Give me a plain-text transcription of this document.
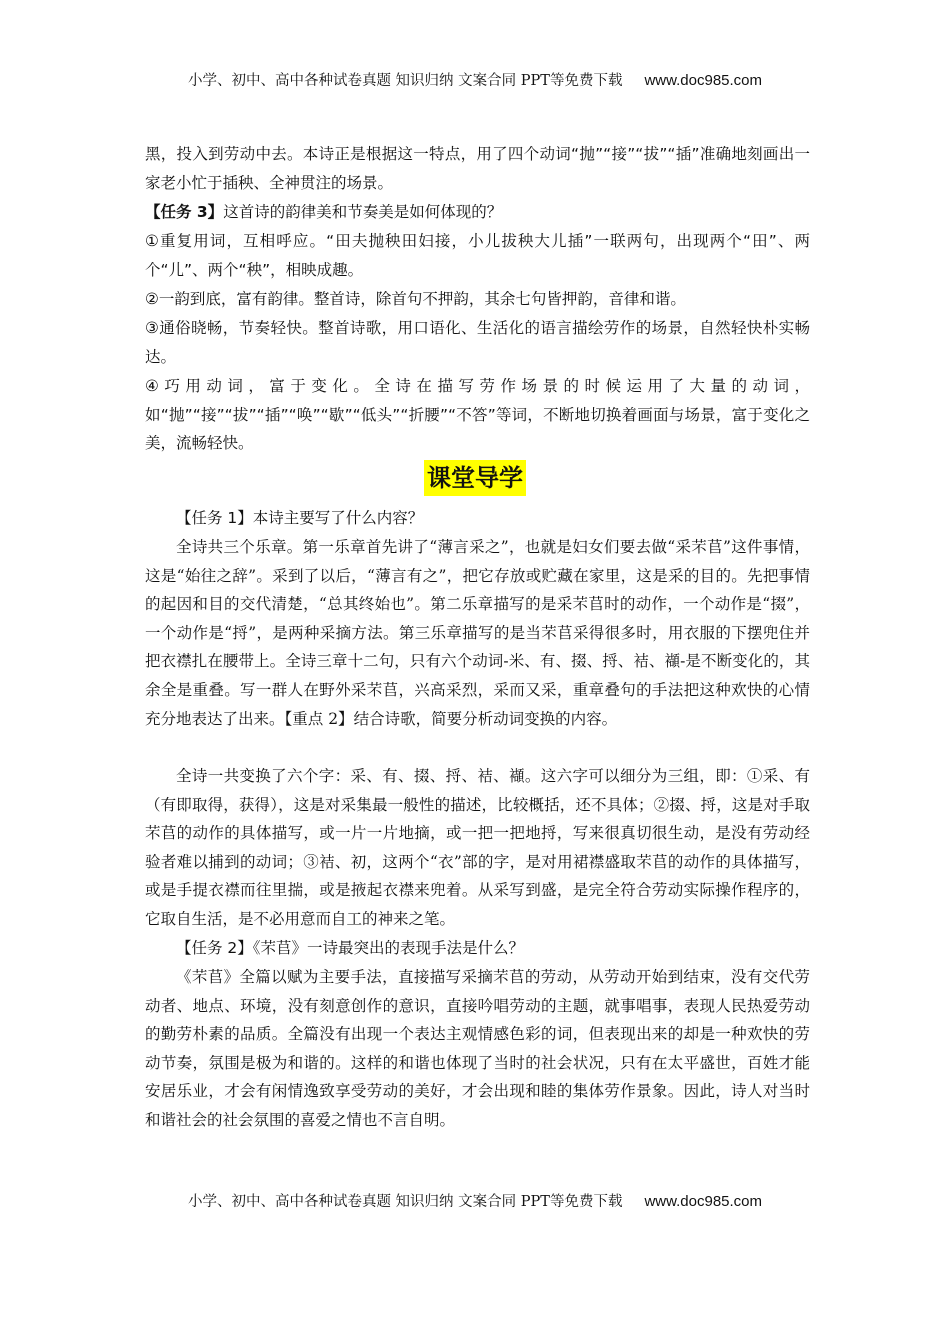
小学、初中、高中各种试卷真题 知识归纳 文案合同 PPT等免费下载 www.doc985.com
黑，投入到劳动中去。本诗正是根据这一特点，用了四个动词“抛”“接”“拔”“插”准确地刻画出一家老小忙于插秧、全神贯注的场景。
【任务 3】这首诗的韵律美和节奏美是如何体现的？
①重复用词，互相呼应。“田夫抛秧田妇接，小儿拔秧大儿插”一联两句，出现两个“田”、两个“儿”、两个“秧”，相映成趣。
②一韵到底，富有韵律。整首诗，除首句不押韵，其余七句皆押韵，音律和谐。
③通俗晓畅，节奏轻快。整首诗歌，用口语化、生活化的语言描绘劳作的场景，自然轻快朴实畅达。
④巧用动词，富于变化。全诗在描写劳作场景的时候运用了大量的动词，如“抛”“接”“拔”“插”“唤”“歇”“低头”“折腰”“不答”等词，不断地切换着画面与场景，富于变化之美，流畅轻快。
课堂导学
【任务 1】本诗主要写了什么内容？
全诗共三个乐章。第一乐章首先讲了“薄言采之”，也就是妇女们要去做“采芣苢”这件事情，这是“始往之辞”。采到了以后，“薄言有之”，把它存放或贮藏在家里，这是采的目的。先把事情的起因和目的交代清楚，“总其终始也”。第二乐章描写的是采芣苢时的动作，一个动作是“掇”，一个动作是“捋”，是两种采摘方法。第三乐章描写的是当芣苢采得很多时，用衣服的下摆兜住并把衣襟扎在腰带上。全诗三章十二句，只有六个动词-米、有、掇、捋、袺、襭-是不断变化的，其余全是重叠。写一群人在野外采芣苢，兴高采烈，采而又采，重章叠句的手法把这种欢快的心情充分地表达了出来。【重点 2】结合诗歌，简要分析动词变换的内容。
全诗一共变换了六个字：采、有、掇、捋、袺、襭。这六字可以细分为三组，即：①采、有（有即取得，获得），这是对采集最一般性的描述，比较概括，还不具体；②掇、捋，这是对手取芣苢的动作的具体描写，或一片一片地摘，或一把一把地捋，写来很真切很生动，是没有劳动经验者难以捕到的动词；③袺、初，这两个“衣”部的字，是对用裙襟盛取芣苢的动作的具体描写，或是手提衣襟而往里揣，或是掖起衣襟来兜着。从采写到盛，是完全符合劳动实际操作程序的，它取自生活，是不必用意而自工的神来之笔。
【任务 2】《芣苢》一诗最突出的表现手法是什么？
《芣苢》全篇以赋为主要手法，直接描写采摘芣苢的劳动，从劳动开始到结束，没有交代劳动者、地点、环境，没有刻意创作的意识，直接吟唱劳动的主题，就事唱事，表现人民热爱劳动的勤劳朴素的品质。全篇没有出现一个表达主观情感色彩的词，但表现出来的却是一种欢快的劳动节奏，氛围是极为和谐的。这样的和谐也体现了当时的社会状况，只有在太平盛世，百姓才能安居乐业，才会有闲情逸致享受劳动的美好，才会出现和睦的集体劳作景象。因此，诗人对当时和谐社会的社会氛围的喜爱之情也不言自明。
小学、初中、高中各种试卷真题 知识归纳 文案合同 PPT等免费下载 www.doc985.com
